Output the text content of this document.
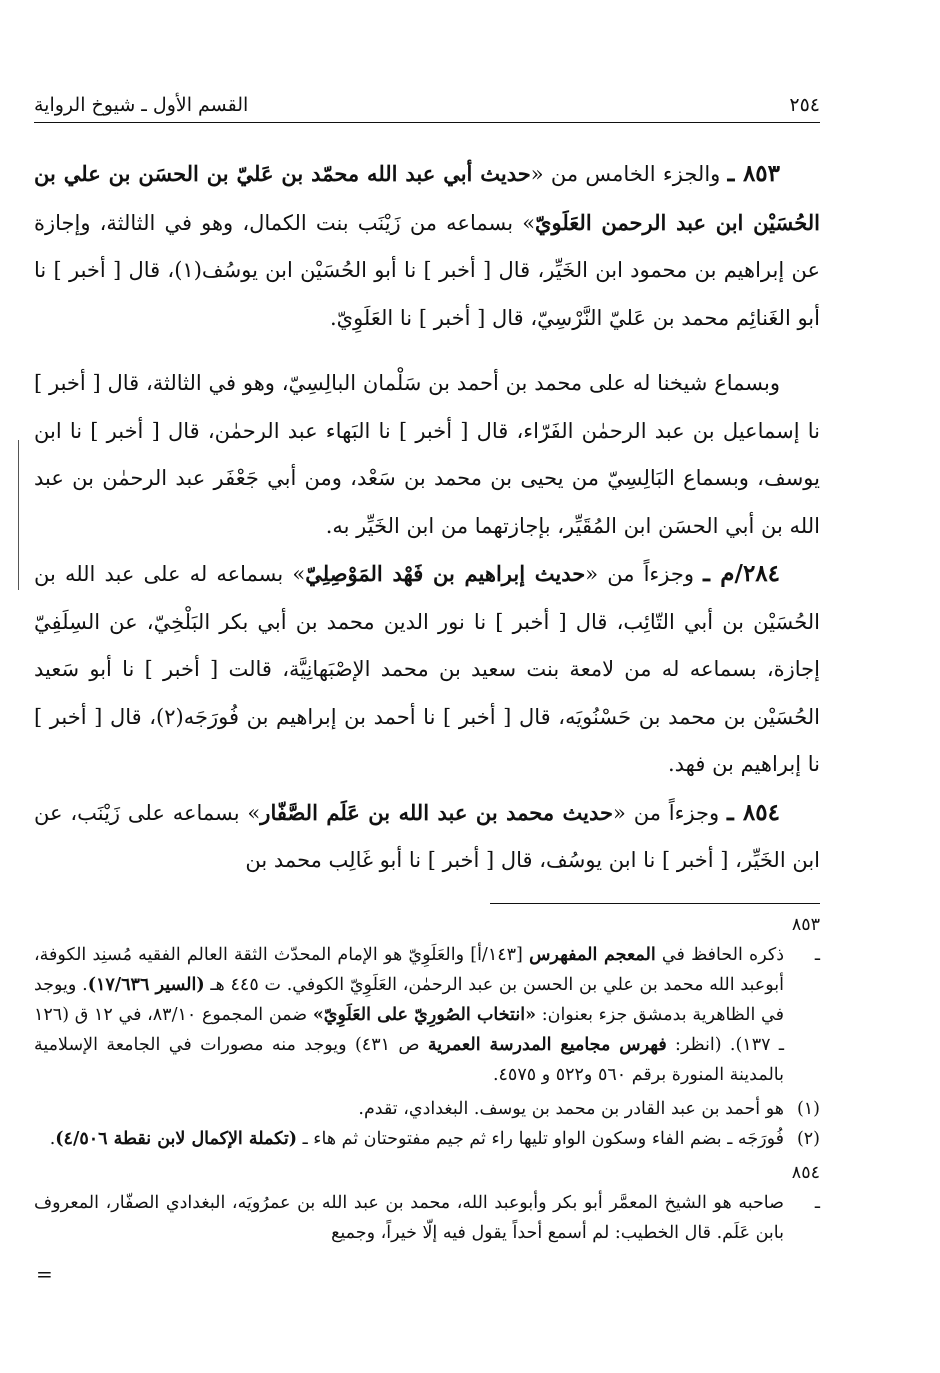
٢٥٤
القسم الأول ـ شيوخ الرواية

٨٥٣ ـ والجزء الخامس من «حديث أبي عبد الله محمّد بن عَليّ بن الحسَن بن علي بن الحُسَيْن ابن عبد الرحمن العَلَويّ» بسماعه من زَيْنَب بنت الكمال، وهو في الثالثة، وإجازة عن إبراهيم بن محمود ابن الخَيِّر، قال [ أخبر ] نا أبو الحُسَيْن ابن يوسُف(١)، قال [ أخبر ] نا أبو الغَنائِم محمد بن عَليّ النَّرْسِيّ، قال [ أخبر ] نا العَلَوِيّ.

وبسماع شيخنا له على محمد بن أحمد بن سَلْمان البالِسِيّ، وهو في الثالثة، قال [ أخبر ] نا إسماعيل بن عبد الرحمٰن الفَرّاء، قال [ أخبر ] نا البَهاء عبد الرحمٰن، قال [ أخبر ] نا ابن يوسف، وبسماع البَالِسِيّ من يحيى بن محمد بن سَعْد، ومن أبي جَعْفَر عبد الرحمٰن بن عبد الله بن أبي الحسَن ابن المُقَيِّر، بإجازتهما من ابن الخَيِّر به.

٢٨٤/م ـ وجزءاً من «حديث إبراهيم بن فَهْد المَوْصِلِيّ» بسماعه له على عبد الله بن الحُسَيْن بن أبي التّائِب، قال [ أخبر ] نا نور الدين محمد بن أبي بكر البَلْخِيّ، عن السِلَفِيّ إجازة، بسماعه له من لامعة بنت سعيد بن محمد الإصْبَهانِيَّة، قالت [ أخبر ] نا أبو سَعيد الحُسَيْن بن محمد بن حَسْنُويَه، قال [ أخبر ] نا أحمد بن إبراهيم بن فُورَجَه(٢)، قال [ أخبر ] نا إبراهيم بن فهد.

٨٥٤ ـ وجزءاً من «حديث محمد بن عبد الله بن عَلَم الصَّفّار» بسماعه على زَيْنَب، عن ابن الخَيِّر، [ أخبر ] نا ابن يوسُف، قال [ أخبر ] نا أبو غَالِب محمد بن

٨٥٣ ـذكره الحافظ في المعجم المفهرس [١٤٣/أ] والعَلَوِيّ هو الإمام المحدّث الثقة العالم الفقيه مُسنِد الكوفة، أبوعبد الله محمد بن علي بن الحسن بن عبد الرحمٰن، العَلَوِيّ الكوفي. ت ٤٤٥ هـ (السير ١٧/٦٣٦). ويوجد في الظاهرية بدمشق جزء بعنوان: «انتخاب الصُورِيّ على العَلَوِيّ» ضمن المجموع ٨٣/١٠، في ١٢ ق (١٢٦ ـ ١٣٧). (انظر: فهرس مجاميع المدرسة العمرية ص ٤٣١) ويوجد منه مصورات في الجامعة الإسلامية بالمدينة المنورة برقم ٥٦٠ و٥٢٢ و ٤٥٧٥.

(١)هو أحمد بن عبد القادر بن محمد بن يوسف. البغدادي، تقدم.

(٢)فُورَجَه ـ بضم الفاء وسكون الواو تليها راء ثم جيم مفتوحتان ثم هاء ـ (تكملة الإكمال لابن نقطة ٤/٥٠٦).

٨٥٤ ـصاحبه هو الشيخ المعمَّر أبو بكر وأبوعبد الله، محمد بن عبد الله بن عمرُويَه، البغدادي الصفّار، المعروف بابن عَلَم. قال الخطيب: لم أسمع أحداً يقول فيه إلّا خيراً، وجميع

=
